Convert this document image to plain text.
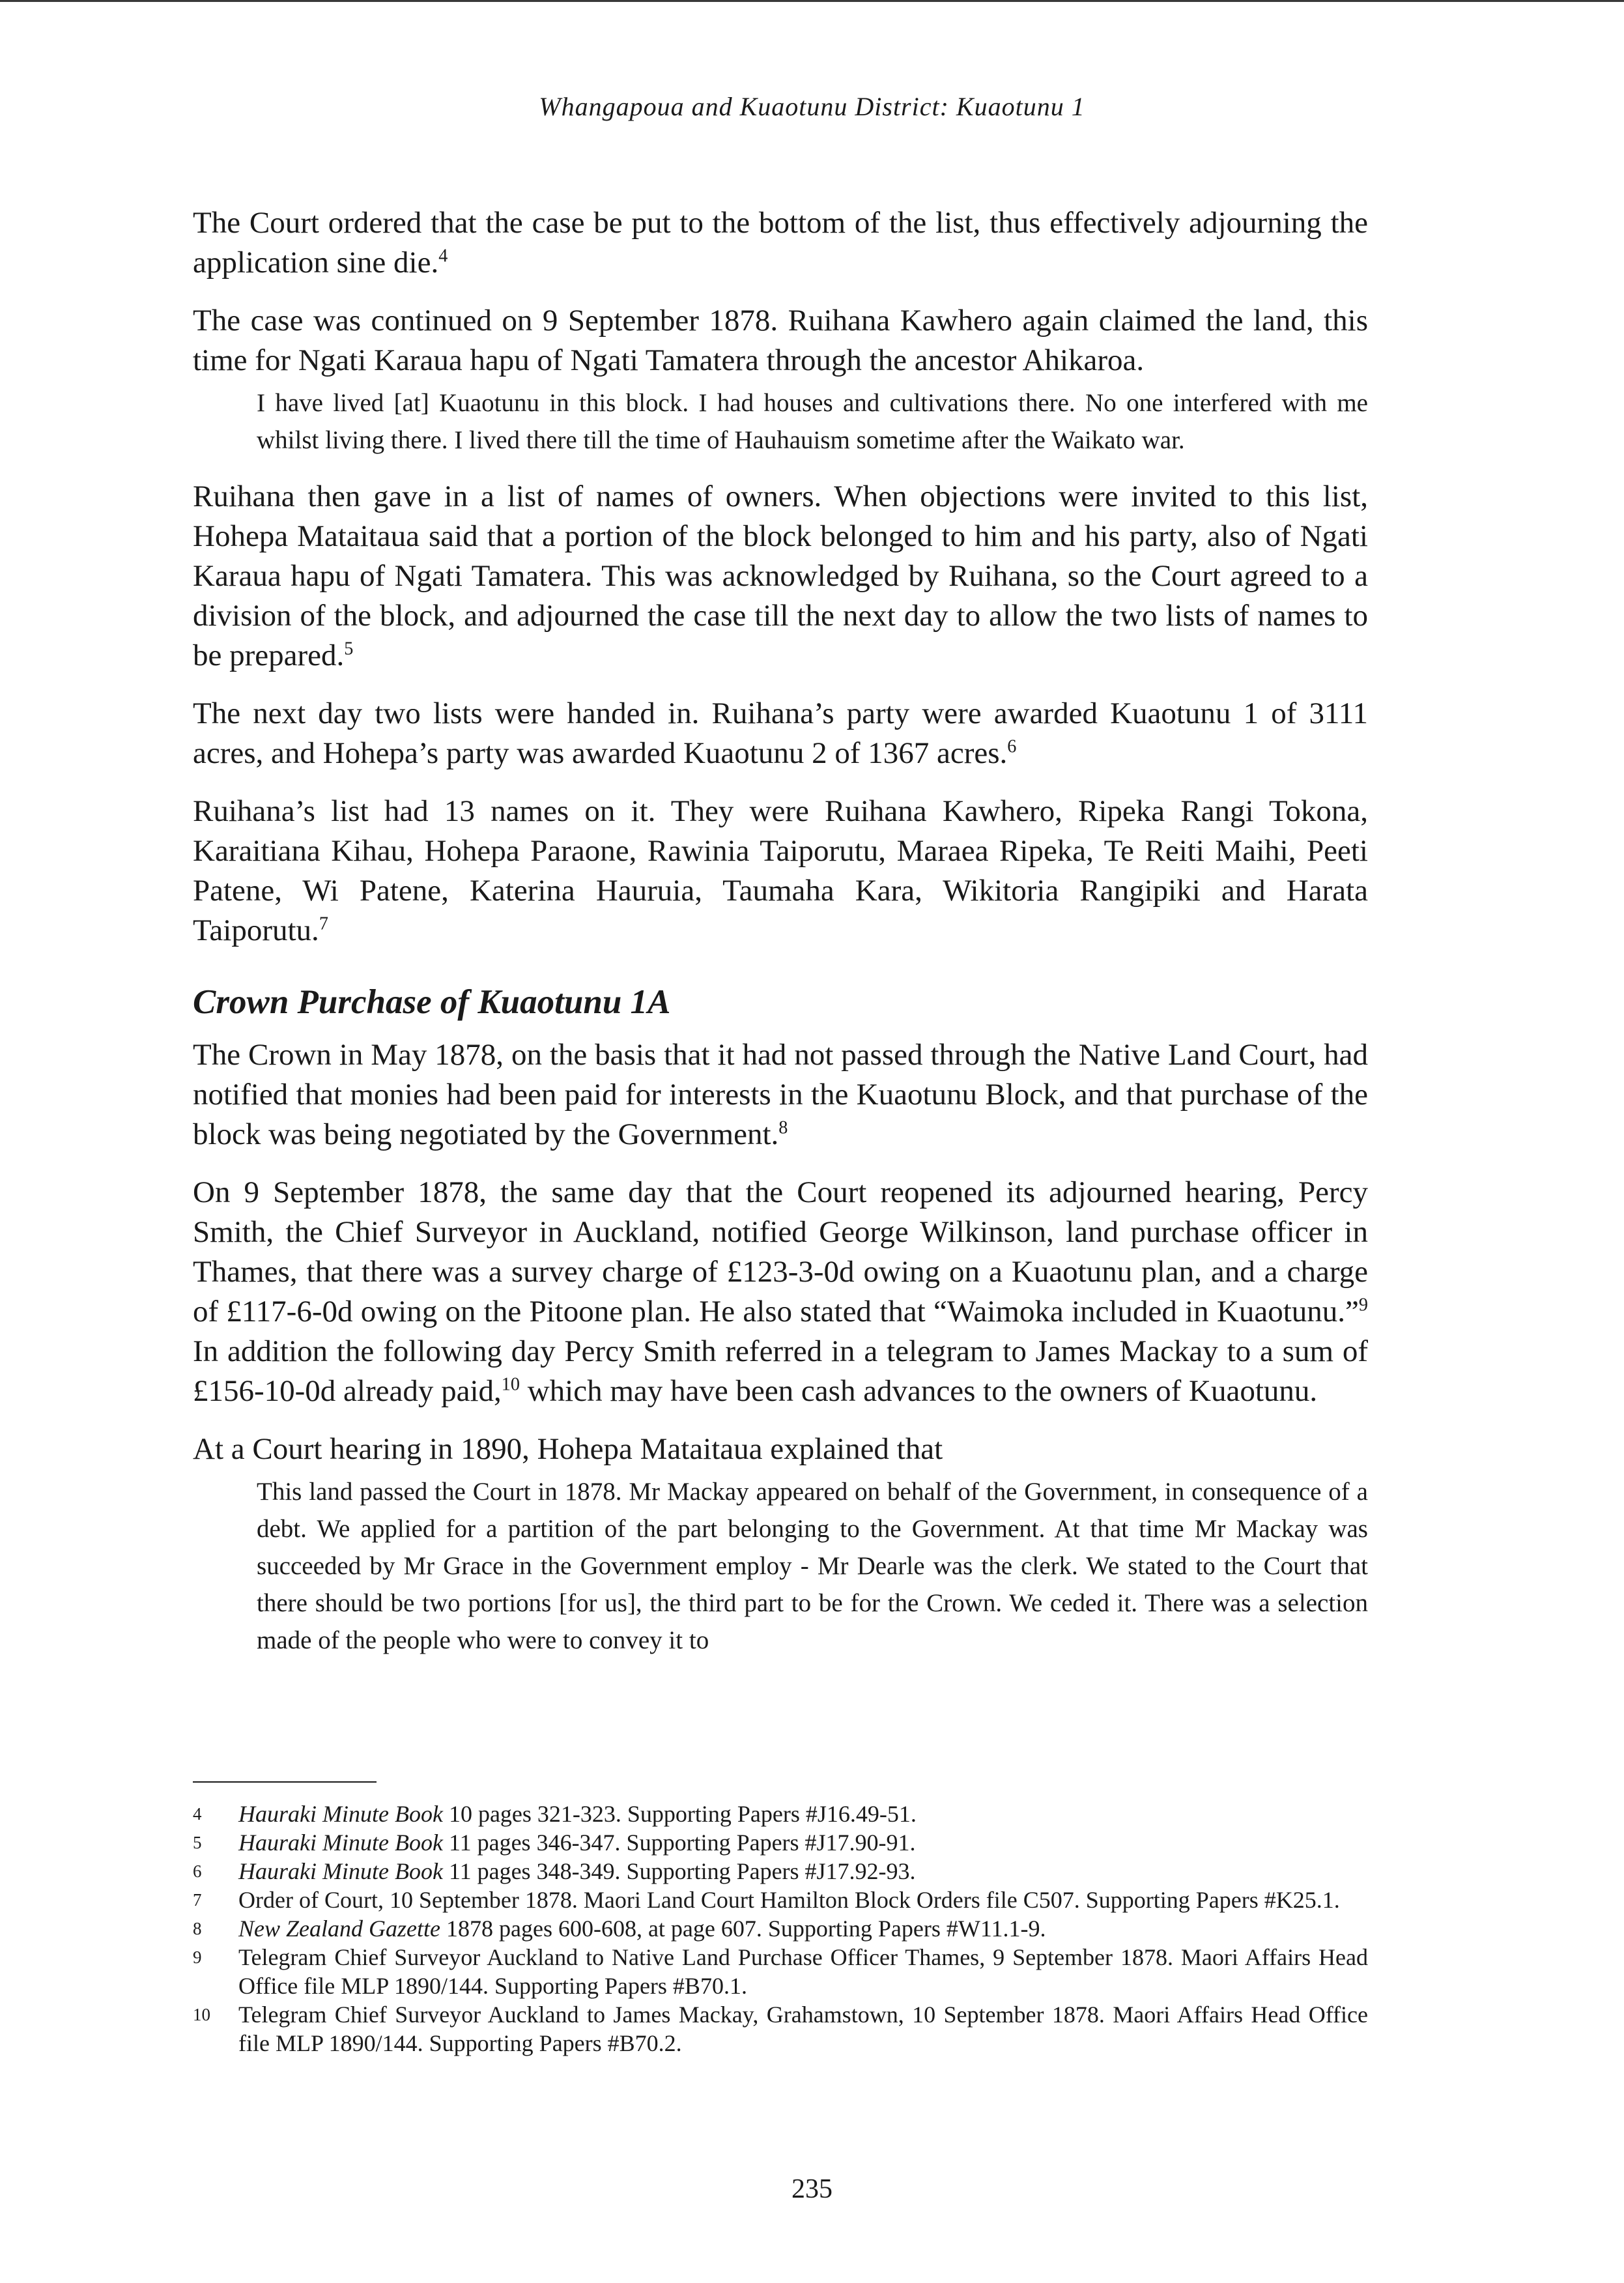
Whangapoua and Kuaotunu District: Kuaotunu 1

The Court ordered that the case be put to the bottom of the list, thus effectively adjourning the application sine die.$^4$

The case was continued on 9 September 1878. Ruihana Kawhero again claimed the land, this time for Ngati Karaua hapu of Ngati Tamatera through the ancestor Ahikaroa.

I have lived [at] Kuaotunu in this block. I had houses and cultivations there. No one interfered with me whilst living there. I lived there till the time of Hauhauism sometime after the Waikato war.

Ruihana then gave in a list of names of owners. When objections were invited to this list, Hohepa Mataitaua said that a portion of the block belonged to him and his party, also of Ngati Karaua hapu of Ngati Tamatera. This was acknowledged by Ruihana, so the Court agreed to a division of the block, and adjourned the case till the next day to allow the two lists of names to be prepared.$^5$

The next day two lists were handed in. Ruihana’s party were awarded Kuaotunu 1 of 3111 acres, and Hohepa’s party was awarded Kuaotunu 2 of 1367 acres.$^6$

Ruihana’s list had 13 names on it. They were Ruihana Kawhero, Ripeka Rangi Tokona, Karaitiana Kihau, Hohepa Paraone, Rawinia Taiporutu, Maraea Ripeka, Te Reiti Maihi, Peeti Patene, Wi Patene, Katerina Hauruia, Taumaha Kara, Wikitoria Rangipiki and Harata Taiporutu.$^7$

Crown Purchase of Kuaotunu 1A

The Crown in May 1878, on the basis that it had not passed through the Native Land Court, had notified that monies had been paid for interests in the Kuaotunu Block, and that purchase of the block was being negotiated by the Government.$^8$

On 9 September 1878, the same day that the Court reopened its adjourned hearing, Percy Smith, the Chief Surveyor in Auckland, notified George Wilkinson, land purchase officer in Thames, that there was a survey charge of £123-3-0d owing on a Kuaotunu plan, and a charge of £117-6-0d owing on the Pitoone plan. He also stated that “Waimoka included in Kuaotunu.”$^9$ In addition the following day Percy Smith referred in a telegram to James Mackay to a sum of £156-10-0d already paid,$^{10}$ which may have been cash advances to the owners of Kuaotunu.

At a Court hearing in 1890, Hohepa Mataitaua explained that

This land passed the Court in 1878. Mr Mackay appeared on behalf of the Government, in consequence of a debt. We applied for a partition of the part belonging to the Government. At that time Mr Mackay was succeeded by Mr Grace in the Government employ - Mr Dearle was the clerk. We stated to the Court that there should be two portions [for us], the third part to be for the Crown. We ceded it. There was a selection made of the people who were to convey it to
4	Hauraki Minute Book 10 pages 321-323. Supporting Papers #J16.49-51.
5	Hauraki Minute Book 11 pages 346-347. Supporting Papers #J17.90-91.
6	Hauraki Minute Book 11 pages 348-349. Supporting Papers #J17.92-93.
7	Order of Court, 10 September 1878. Maori Land Court Hamilton Block Orders file C507. Supporting Papers #K25.1.
8	New Zealand Gazette 1878 pages 600-608, at page 607. Supporting Papers #W11.1-9.
9	Telegram Chief Surveyor Auckland to Native Land Purchase Officer Thames, 9 September 1878. Maori Affairs Head Office file MLP 1890/144. Supporting Papers #B70.1.
10	Telegram Chief Surveyor Auckland to James Mackay, Grahamstown, 10 September 1878. Maori Affairs Head Office file MLP 1890/144. Supporting Papers #B70.2.
235
